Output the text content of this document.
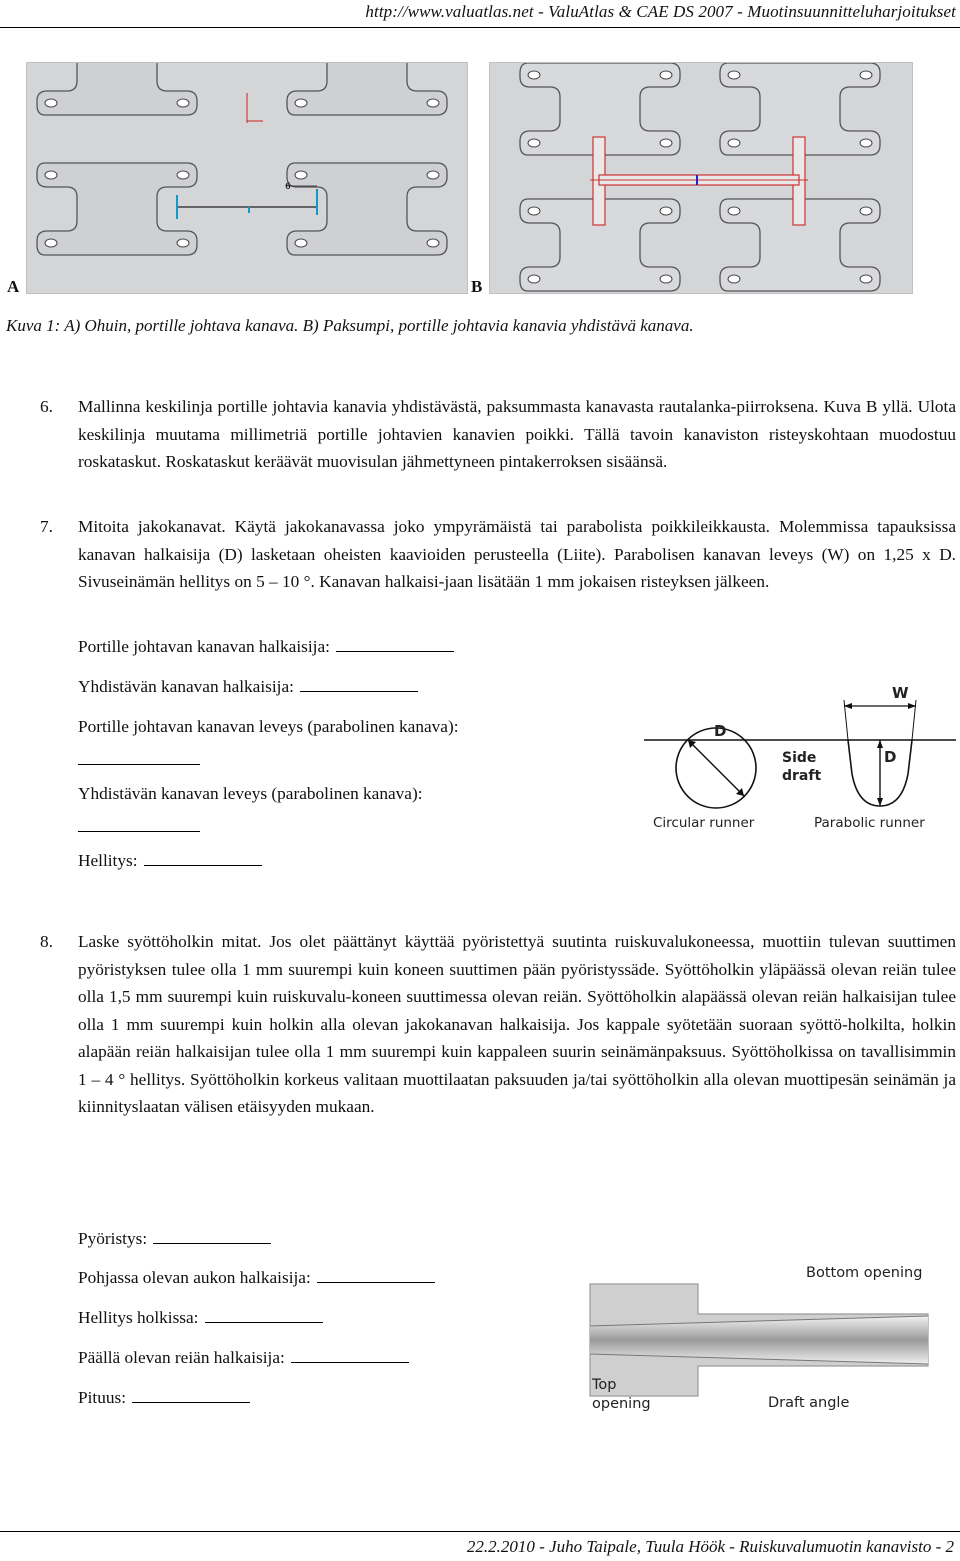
http://www.valuatlas.net - ValuAtlas & CAE DS 2007 - Muotinsuunnitteluharjoitukset
6
A	B
Kuva 1: A) Ohuin, portille johtava kanava. B) Paksumpi, portille johtavia kanavia yhdistävä kanava.
6. Mallinna keskilinja portille johtavia kanavia yhdistävästä, paksummasta kanavasta rautalanka-piirroksena. Kuva B yllä. Ulota keskilinja muutama millimetriä portille johtavien kanavien poikki. Tällä tavoin kanaviston risteyskohtaan muodostuu roskataskut. Roskataskut keräävät muovisulan jähmettyneen pintakerroksen sisäänsä.
7. Mitoita jakokanavat. Käytä jakokanavassa joko ympyrämäistä tai parabolista poikkileikkausta. Molemmissa tapauksissa kanavan halkaisija (D) lasketaan oheisten kaavioiden perusteella (Liite). Parabolisen kanavan leveys (W) on 1,25 x D. Sivuseinämän hellitys on 5 – 10 °. Kanavan halkaisi-jaan lisätään 1 mm jokaisen risteyksen jälkeen.
Portille johtavan kanavan halkaisija:
Yhdistävän kanavan halkaisija:
Portille johtavan kanavan leveys (parabolinen kanava):
Yhdistävän kanavan leveys (parabolinen kanava):
Hellitys:
D
W
D
Side
draft
Circular runner	Parabolic runner
8. Laske syöttöholkin mitat. Jos olet päättänyt käyttää pyöristettyä suutinta ruiskuvalukoneessa, muottiin tulevan suuttimen pyöristyksen tulee olla 1 mm suurempi kuin koneen suuttimen pään pyöristyssäde. Syöttöholkin yläpäässä olevan reiän tulee olla 1,5 mm suurempi kuin ruiskuvalu-koneen suuttimessa olevan reiän. Syöttöholkin alapäässä olevan reiän halkaisijan tulee olla 1 mm suurempi kuin holkin alla olevan jakokanavan halkaisija. Jos kappale syötetään suoraan syöttö-holkilta, holkin alapään reiän halkaisijan tulee olla 1 mm suurempi kuin kappaleen suurin seinämänpaksuus. Syöttöholkissa on tavallisimmin 1 – 4 ° hellitys. Syöttöholkin korkeus valitaan muottilaatan paksuuden ja/tai syöttöholkin alla olevan muottipesän seinämän ja kiinnityslaatan välisen etäisyyden mukaan.
Pyöristys:
Pohjassa olevan aukon halkaisija:
Hellitys holkissa:
Päällä olevan reiän halkaisija:
Pituus:
Bottom opening
Top
opening	Draft angle
22.2.2010 - Juho Taipale, Tuula Höök - Ruiskuvalumuotin kanavisto - 2
